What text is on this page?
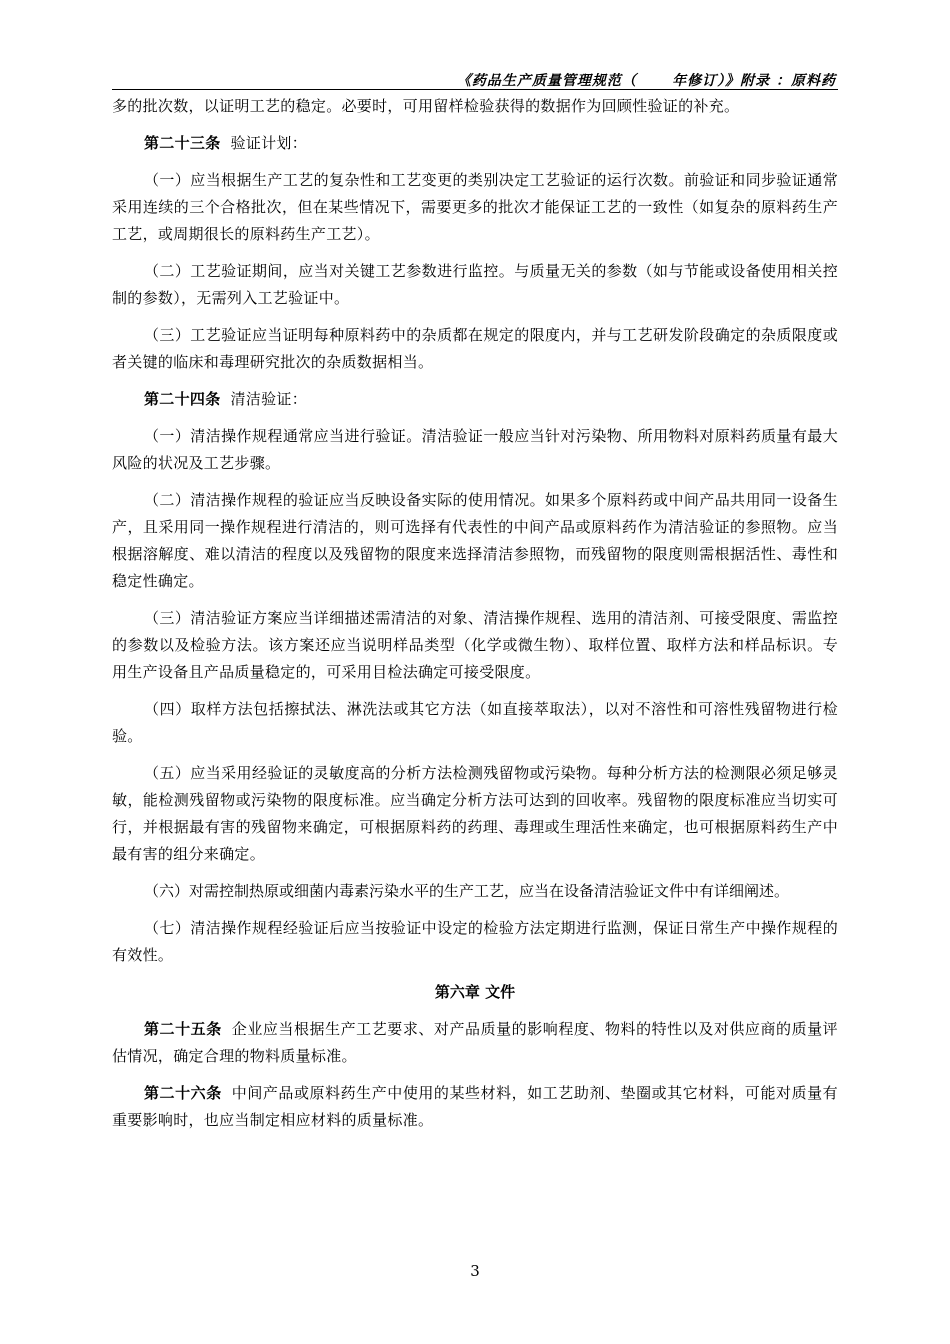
《药品生产质量管理规范（      年修订）》附录 ：原料药

多的批次数，以证明工艺的稳定。必要时，可用留样检验获得的数据作为回顾性验证的补充。

第二十三条 验证计划：

（一）应当根据生产工艺的复杂性和工艺变更的类别决定工艺验证的运行次数。前验证和同步验证通常采用连续的三个合格批次，但在某些情况下，需要更多的批次才能保证工艺的一致性（如复杂的原料药生产工艺，或周期很长的原料药生产工艺）。

（二）工艺验证期间，应当对关键工艺参数进行监控。与质量无关的参数（如与节能或设备使用相关控制的参数），无需列入工艺验证中。

（三）工艺验证应当证明每种原料药中的杂质都在规定的限度内，并与工艺研发阶段确定的杂质限度或者关键的临床和毒理研究批次的杂质数据相当。

第二十四条 清洁验证：

（一）清洁操作规程通常应当进行验证。清洁验证一般应当针对污染物、所用物料对原料药质量有最大风险的状况及工艺步骤。

（二）清洁操作规程的验证应当反映设备实际的使用情况。如果多个原料药或中间产品共用同一设备生产，且采用同一操作规程进行清洁的，则可选择有代表性的中间产品或原料药作为清洁验证的参照物。应当根据溶解度、难以清洁的程度以及残留物的限度来选择清洁参照物，而残留物的限度则需根据活性、毒性和稳定性确定。

（三）清洁验证方案应当详细描述需清洁的对象、清洁操作规程、选用的清洁剂、可接受限度、需监控的参数以及检验方法。该方案还应当说明样品类型（化学或微生物）、取样位置、取样方法和样品标识。专用生产设备且产品质量稳定的，可采用目检法确定可接受限度。

（四）取样方法包括擦拭法、淋洗法或其它方法（如直接萃取法），以对不溶性和可溶性残留物进行检验。

（五）应当采用经验证的灵敏度高的分析方法检测残留物或污染物。每种分析方法的检测限必须足够灵敏，能检测残留物或污染物的限度标准。应当确定分析方法可达到的回收率。残留物的限度标准应当切实可行，并根据最有害的残留物来确定，可根据原料药的药理、毒理或生理活性来确定，也可根据原料药生产中最有害的组分来确定。

（六）对需控制热原或细菌内毒素污染水平的生产工艺，应当在设备清洁验证文件中有详细阐述。

（七）清洁操作规程经验证后应当按验证中设定的检验方法定期进行监测，保证日常生产中操作规程的有效性。

第六章 文件

第二十五条 企业应当根据生产工艺要求、对产品质量的影响程度、物料的特性以及对供应商的质量评估情况，确定合理的物料质量标准。

第二十六条 中间产品或原料药生产中使用的某些材料，如工艺助剂、垫圈或其它材料，可能对质量有重要影响时，也应当制定相应材料的质量标准。

3
